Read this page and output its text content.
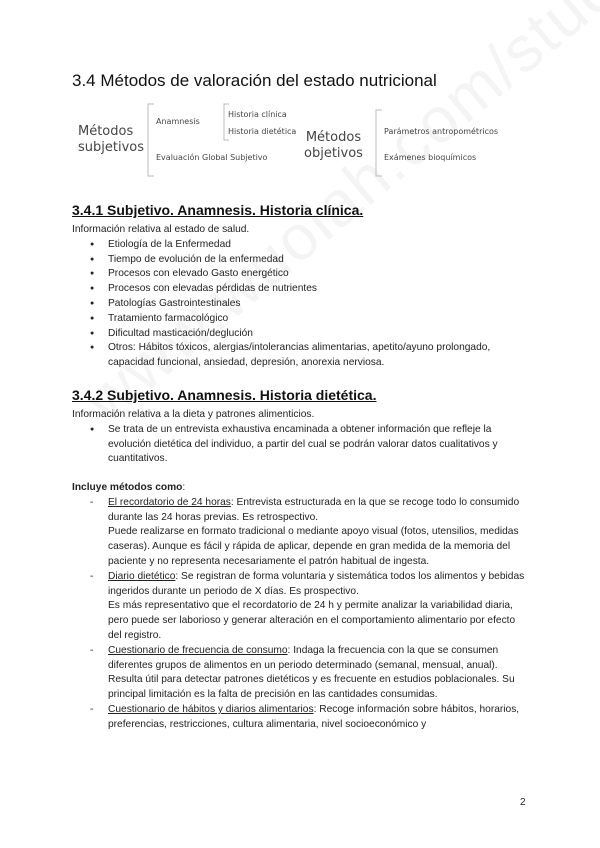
3.4 Métodos de valoración del estado nutricional
Métodos
subjetivos
Anamnesis
Historia clínica
Historia dietética
Evaluación Global Subjetivo
Métodos
objetivos
Parámetros antropométricos
Exámenes bioquímicos
3.4.1 Subjetivo. Anamnesis. Historia clínica.

Información relativa al estado de salud.

● Etiología de la Enfermedad
● Tiempo de evolución de la enfermedad
● Procesos con elevado Gasto energético
● Procesos con elevadas pérdidas de nutrientes
● Patologías Gastrointestinales
● Tratamiento farmacológico
● Dificultad masticación/deglución
● Otros: Hábitos tóxicos, alergias/intolerancias alimentarias, apetito/ayuno prolongado, capacidad funcional, ansiedad, depresión, anorexia nerviosa.
3.4.2 Subjetivo. Anamnesis. Historia dietética.

Información relativa a la dieta y patrones alimenticios.

● Se trata de un entrevista exhaustiva encaminada a obtener información que refleje la evolución dietética del individuo, a partir del cual se podrán valorar datos cualitativos y cuantitativos.

Incluye métodos como:

- El recordatorio de 24 horas: Entrevista estructurada en la que se recoge todo lo consumido durante las 24 horas previas. Es retrospectivo.
Puede realizarse en formato tradicional o mediante apoyo visual (fotos, utensilios, medidas caseras). Aunque es fácil y rápida de aplicar, depende en gran medida de la memoria del paciente y no representa necesariamente el patrón habitual de ingesta.
- Diario dietético: Se registran de forma voluntaria y sistemática todos los alimentos y bebidas ingeridos durante un periodo de X días. Es prospectivo.
Es más representativo que el recordatorio de 24 h y permite analizar la variabilidad diaria, pero puede ser laborioso y generar alteración en el comportamiento alimentario por efecto del registro.
- Cuestionario de frecuencia de consumo: Indaga la frecuencia con la que se consumen diferentes grupos de alimentos en un periodo determinado (semanal, mensual, anual). Resulta útil para detectar patrones dietéticos y es frecuente en estudios poblacionales. Su principal limitación es la falta de precisión en las cantidades consumidas.
- Cuestionario de hábitos y diarios alimentarios: Recoge información sobre hábitos, horarios, preferencias, restricciones, cultura alimentaria, nivel socioeconómico y
2
